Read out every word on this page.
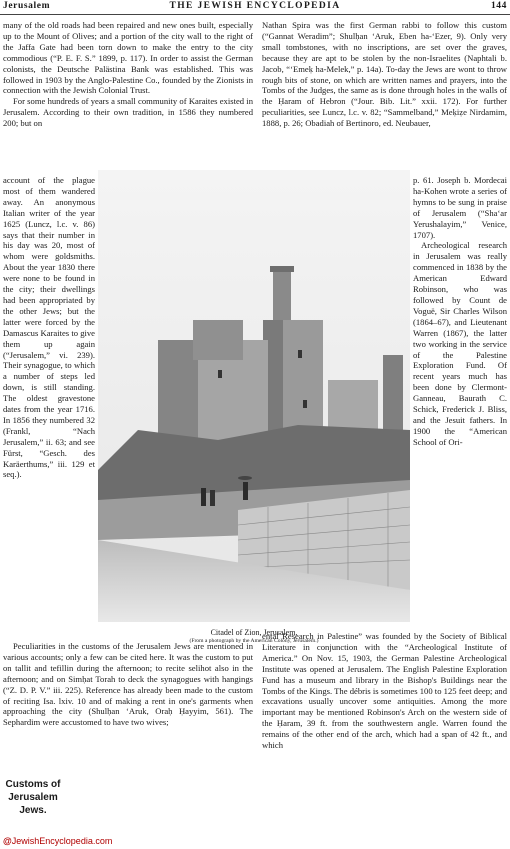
Jerusalem	THE JEWISH ENCYCLOPEDIA	144

many of the old roads had been repaired and new ones built, especially up to the Mount of Olives; and a portion of the city wall to the right of the Jaffa Gate had been torn down to make the entry to the city commodious (“P. E. F. S.” 1899, p. 117). In order to assist the German colonists, the Deutsche Palästina Bank was established. This was followed in 1903 by the Anglo-Palestine Co., founded by the Zionists in connection with the Jewish Colonial Trust.

For some hundreds of years a small community of Karaites existed in Jerusalem. According to their own tradition, in 1586 they numbered 200; but on

Nathan Spira was the first German rabbi to follow this custom (“Gannat Weradim”; Shulḥan ‘Aruk, Eben ha-‘Ezer, 9). Only very small tombstones, with no inscriptions, are set over the graves, because they are apt to be stolen by the non-Israelites (Naphtali b. Jacob, “‘Emeḳ ha-Melek,” p. 14a). To-day the Jews are wont to throw rough bits of stone, on which are written names and prayers, into the Tombs of the Judges, the same as is done through holes in the walls of the Ḥaram of Hebron (“Jour. Bib. Lit.” xxii. 172). For further peculiarities, see Luncz, l.c. v. 82; “Sammelband,” Meḳiẓe Nirdamim, 1888, p. 26; Obadiah of Bertinoro, ed. Neubauer,

account of the plague most of them wandered away. An anonymous Italian writer of the year 1625 (Luncz, l.c. v. 86) says that their number in his day was 20, most of whom were goldsmiths. About the year 1830 there were none to be found in the city; their dwellings had been appropriated by the other Jews; but the latter were forced by the Damascus Karaites to give them up again (“Jerusalem,” vi. 239). Their synagogue, to which a number of steps led down, is still standing. The oldest gravestone dates from the year 1716. In 1856 they numbered 32 (Frankl, “Nach Jerusalem,” ii. 63; and see Fürst, “Gesch. des Karäerthums,” iii. 129 et seq.).

p. 61. Joseph b. Mordecai ha-Kohen wrote a series of hymns to be sung in praise of Jerusalem (“Sha‘ar Yerushalayim,” Venice, 1707).

Archeological research in Jerusalem was really commenced in 1838 by the American Edward Robinson, who was followed by Count de Voguë, Sir Charles Wilson (1864–67), and Lieutenant Warren (1867), the latter two working in the service of the Palestine Exploration Fund. Of recent years much has been done by Clermont-Ganneau, Baurath C. Schick, Frederick J. Bliss, and the Jesuit fathers. In 1900 the “American School of Ori-

Citadel of Zion, Jerusalem.
(From a photograph by the American Colony, Jerusalem.)

Peculiarities in the customs of the Jerusalem Jews are mentioned in various accounts; only a few can be cited here. It was the custom to put on tallit and tefillin during the afternoon; to recite selihot also in the afternoon; and on Simḥat Torah to deck the synagogues with hangings (“Z. D. P. V.” iii. 225). Reference has already been made to the custom of reciting Isa. lxiv. 10 and of making a rent in one's garments when approaching the city (Shulḥan ‘Aruk, Oraḥ Ḥayyim, 561). The Sephardim were accustomed to have two wives;

ental Research in Palestine” was founded by the Society of Biblical Literature in conjunction with the “Archeological Institute of America.” On Nov. 15, 1903, the German Palestine Archeological Institute was opened at Jerusalem. The English Palestine Exploration Fund has a museum and library in the Bishop's Buildings near the Tombs of the Kings. The débris is sometimes 100 to 125 feet deep; and excavations usually uncover some antiquities. Among the more important may be mentioned Robinson's Arch on the western side of the Ḥaram, 39 ft. from the southwestern angle. Warren found the remains of the other end of the arch, which had a span of 42 ft., and which

Customs of
Jerusalem
Jews.
@JewishEncyclopedia.com
